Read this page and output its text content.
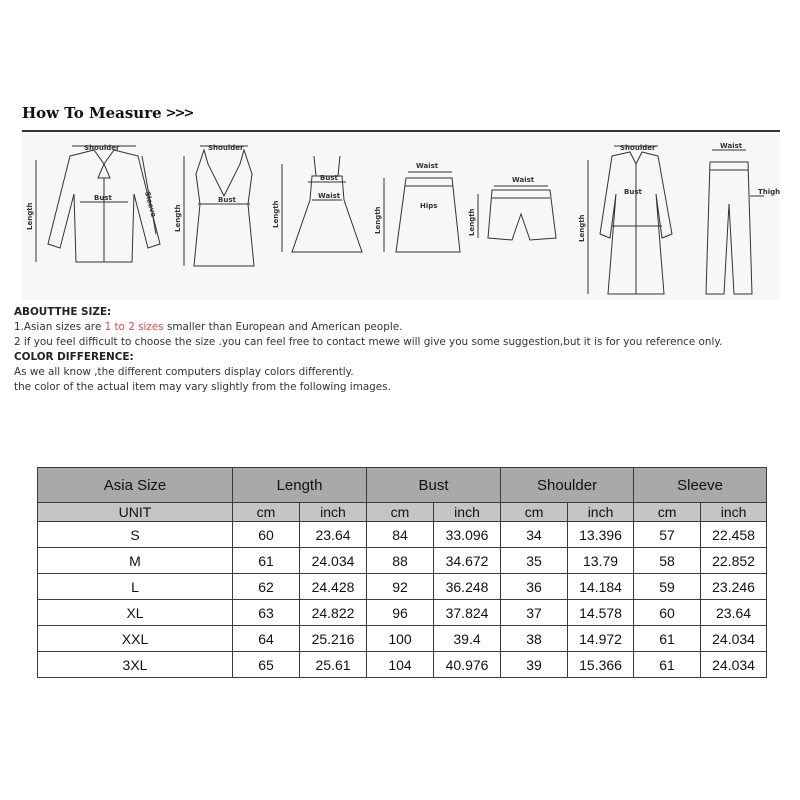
How To Measure >>>
Shoulder
Bust
Length	Sleeve
Shoulder
Bust
Length
Bust
Waist
Length
Waist
Hips
Length
Waist
Length
Shoulder
Bust
Length
Waist
Thigh
ABOUTTHE SIZE:
1.Asian sizes are 1 to 2 sizes smaller than European and American people.
2 if you feel difficult to choose the size .you can feel free to contact mewe will give you some suggestion,but it is for you reference only.
COLOR DIFFERENCE:
As we all know ,the different computers display colors differently.
the color of the actual item may vary slightly from the following images.
Asia Size	Length		Bust		Shoulder		Sleeve	
UNIT	cm	inch	cm	inch	cm	inch	cm	inch
S	60	23.64	84	33.096	34	13.396	57	22.458
M	61	24.034	88	34.672	35	13.79	58	22.852
L	62	24.428	92	36.248	36	14.184	59	23.246
XL	63	24.822	96	37.824	37	14.578	60	23.64
XXL	64	25.216	100	39.4	38	14.972	61	24.034
3XL	65	25.61	104	40.976	39	15.366	61	24.034
